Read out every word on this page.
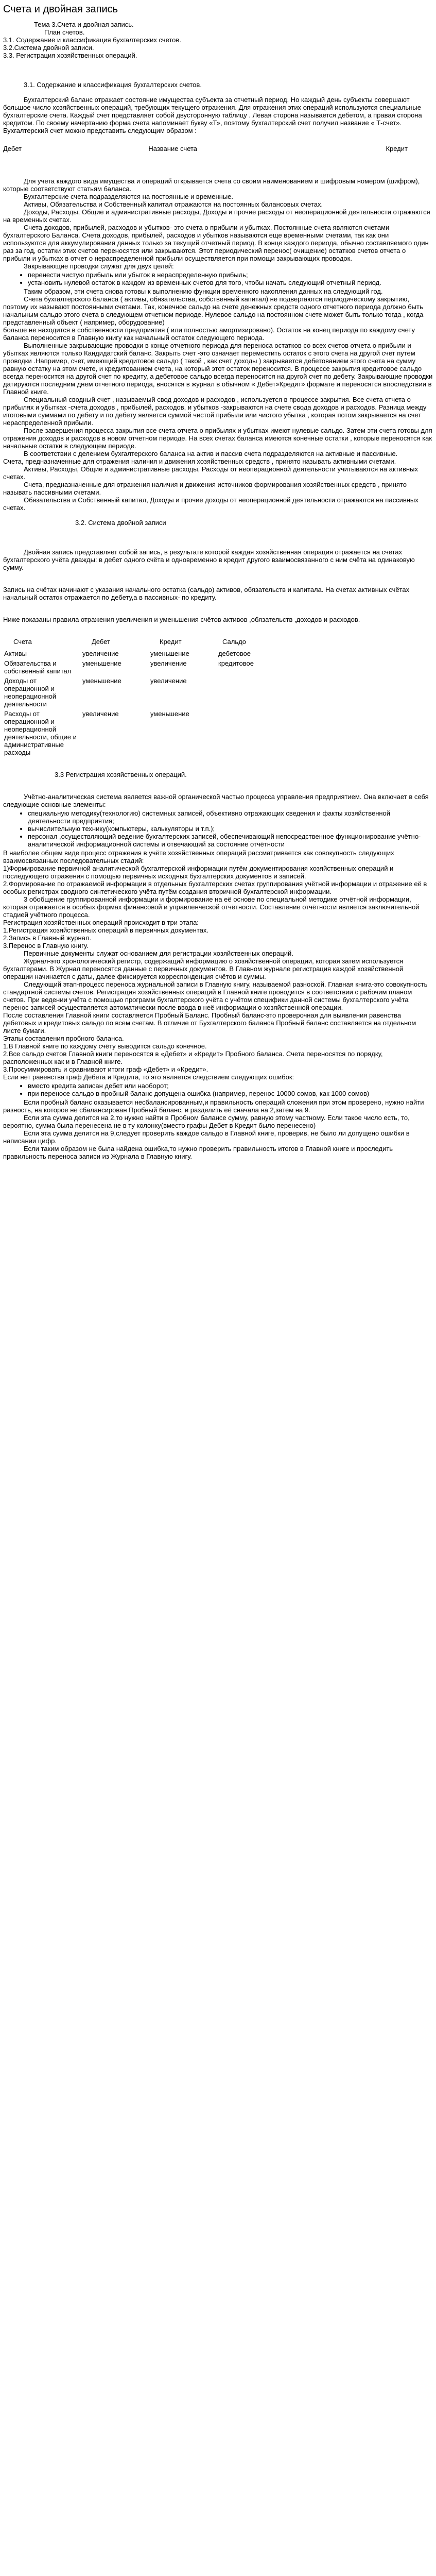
Счета и двойная запись

Тема 3.Счета и двойная запись.

План счетов.

3.1. Содержание и классификация бухгалтерских счетов.

3.2.Система двойной записи.

3.3. Регистрация хозяйственных операций.

3.1. Содержание и классификация бухгалтерских счетов.

Бухгалтерский баланс отражает состояние имущества субъекта за отчетный период. Но каждый день субъекты совершают большое число хозяйственных операций, требующих текущего отражения. Для отражения этих операций используются специальные бухгалтерские счета. Каждый счет представляет собой двусторонную таблицу . Левая сторона называется дебетом, а правая сторона кредитом. По своему начертанию форма счета напоминает букву «Т», поэтому бухгалтерский счет получил название « Т-счет». Бухгалтерский счет можно представить следующим образом :

Дебет	Название счета	Кредит

Для учета каждого вида имущества и операций открывается счета со своим наименованием и шифровым номером (шифром), которые соответствуют статьям баланса.

Бухгалтерские счета подразделяются на постоянные и временные.

Активы, Обязательства и Собственный капитал отражаются на постоянных балансовых счетах.

Доходы, Расходы, Общие и административные расходы, Доходы и прочие расходы от неоперационной деятельности отражаются на временных счетах.

Счета доходов, прибылей, расходов и убытков- это счета о прибыли и убытках. Постоянные счета являются счетами бухгалтерского Баланса. Счета доходов, прибылей, расходов и убытков называются еще временными счетами, так как они используются для аккумулирования данных только за текущий отчетный период. В конце каждого периода, обычно составляемого один раз за год, остатки этих счетов переносятся или закрываются. Этот периодический перенос( очищение) остатков счетов отчета о прибыли и убытках в отчет о нераспределенной прибыли осуществляется при помощи закрывающих проводок.

Закрывающие проводки служат для двух целей:

• перенести чистую прибыль или убыток в нераспределенную прибыль;
• установить нулевой остаток в каждом из временных счетов для того, чтобы начать следующий отчетный период.

Таким образом, эти счета снова готовы к выполнению функции временного накопления данных на следующий год.

Счета бухгалтерского баланса ( активы, обязательства, собственный капитал) не подвергаются периодическому закрытию, поэтому их называют постоянными счетами. Так, конечное сальдо на счете денежных средств одного отчетного периода должно быть начальным сальдо этого счета в следующем отчетном периоде. Нулевое сальдо на постоянном счете может быть только тогда , когда представленный объект ( например, оборудование)

больше не находится в собственности предприятия ( или полностью амортизировано). Остаток на конец периода по каждому счету баланса переносится в Главную книгу как начальный остаток следующего периода.

Выполненные закрывающие проводки в конце отчетного периода для переноса остатков со всех счетов отчета о прибыли и убытках являются только Кандидатский баланс. Закрыть счет -это означает переместить остаток с этого счета на другой счет путем проводки .Например, счет, имеющий кредитовое сальдо ( такой , как счет доходы ) закрывается дебетованием этого счета на сумму равную остатку на этом счете, и кредитованием счета, на который этот остаток переносится. В процессе закрытия кредитовое сальдо всегда переносится на другой счет по кредиту, а дебетовое сальдо всегда переносится на другой счет по дебету. Закрывающие проводки датируются последним днем отчетного периода, вносятся в журнал в обычном « Дебет»Кредит» формате и переносятся впоследствии в Главной книге.

Специальный сводный счет , называемый свод доходов и расходов , используется в процессе закрытия. Все счета отчета о прибылях и убытках -счета доходов , прибылей, расходов, и убытков -закрываются на счете свода доходов и расходов. Разница между итоговыми суммами по дебету и по дебету является суммой чистой прибыли или чистого убытка , которая потом закрывается на счет нераспределенной прибыли.

После завершения процесса закрытия все счета отчета о прибылях и убытках имеют нулевые сальдо. Затем эти счета готовы для отражения доходов и расходов в новом отчетном периоде. На всех счетах баланса имеются конечные остатки , которые переносятся как начальные остатки в следующем периоде.

В соответствии с делением бухгалтерского баланса на актив и пассив счета подразделяются на активные и пассивные.

Счета, предназначенные для отражения наличия и движения хозяйственных средств , принято называть активными счетами.

Активы, Расходы, Общие и административные расходы, Расходы от неоперационной деятельности учитываются на активных счетах.

Счета, предназначенные для отражения наличия и движения источников формирования хозяйственных средств , принято называть пассивными счетами.

Обязательства и Собственный капитал, Доходы и прочие доходы от неоперационной деятельности отражаются на пассивных счетах.

3.2. Система двойной записи

Двойная запись представляет собой запись, в результате которой каждая хозяйственная операция отражается на счетах бухгалтерского учёта дважды: в дебет одного счёта и одновременно в кредит другого взаимосвязанного с ним счёта на одинаковую сумму.

Запись на счётах начинают с указания начального остатка (сальдо) активов, обязательств и капитала. На счетах активных счётах начальный остаток отражается по дебету,а в пассивных- по кредиту.

Ниже показаны правила отражения увеличения и уменьшения счётов активов ,обязательств ,доходов и расходов.

Счета	Дебет	Кредит	Сальдо

Активы	увеличение	уменьшение	дебетовое

Обязательства и собственный капитал	уменьшение	увеличение	кредитовое

Доходы от операционной и неоперационной деятельности	уменьшение	увеличение	

Расходы от операционной и неоперационной деятельности, общие и административные расходы	увеличение	уменьшение	

3.3 Регистрация хозяйственных операций.

Учётно-аналитическая система является важной органической частью процесса управления предприятием. Она включает в себя следующие основные элементы:

• специальную методику(технологию) системных записей, объективно отражающих сведения и факты хозяйственной деятельности предприятия;
• вычислительную технику(компьютеры, калькуляторы и т.п.);
• персонал ,осуществляющий ведение бухгалтерских записей, обеспечивающий непосредственное функционирование учётно-аналитической информационной системы и отвечающий за состояние отчётности

В наиболее общем виде процесс отражения в учёте хозяйственных операций рассматривается как совокупность следующих взаимосвязанных последовательных стадий:

1)Формирование первичной аналитической бухгалтерской информации путём документирования хозяйственных операций и последующего отражения с помощью первичных исходных бухгалтерских документов и записей.

2.Формирование по отражаемой информации в отдельных бухгалтерских счетах группирования учётной информации и отражение её в особых регистрах сводного синтетического учёта путём создания вторичной бухгалтерской информации.

3 обобщение группированной информации и формирование на её основе по специальной методике отчётной информации, которая отражается в особых формах финансовой и управленческой отчётности. Составление отчётности является заключительной стадией учётного процесса.

Регистрация хозяйственных операций происходит в три этапа:

1.Регистрация хозяйственных операций в первичных документах.

2.Запись в Главный журнал.

3.Перенос в Главную книгу.

Первичные документы служат основанием для регистрации хозяйственных операций.

Журнал-это хронологический регистр, содержащий информацию о хозяйственной операции, которая затем используется бухгалтерами. В Журнал переносятся данные с первичных документов. В Главном журнале регистрация каждой хозяйственной операции начинается с даты, далее фиксируется корреспонденция счётов и суммы.

Следующий этап-процесс переноса журнальной записи в Главную книгу, называемой разноской. Главная книга-это совокупность стандартной системы счетов. Регистрация хозяйственных операций в Главной книге проводится в соответствии с рабочим планом счетов. При ведении учёта с помощью программ бухгалтерского учёта с учётом специфики данной системы бухгалтерского учёта перенос записей осуществляется автоматически после ввода в неё информации о хозяйственной операции.

После составления Главной книги составляется Пробный Баланс. Пробный баланс-это проверочная для выявления равенства дебетовых и кредитовых сальдо по всем счетам. В отличие от Бухгалтерского баланса Пробный баланс составляется на отдельном листе бумаги.

Этапы составления пробного баланса.

1.В Главной книге по каждому счёту выводится сальдо конечное.

2.Все сальдо счетов Главной книги переносятся в «Дебет» и «Кредит» Пробного баланса. Счета переносятся по порядку, расположенных как и в Главной книге.

3.Просуммировать и сравнивают итоги граф «Дебет» и «Кредит».

Если нет равенства граф Дебета и Кредита, то это является следствием следующих ошибок:

• вместо кредита записан дебет или наоборот;
• при переносе сальдо в пробный баланс допущена ошибка (например, перенос 10000 сомов, как 1000 сомов)

Если пробный баланс оказывается несбалансированным,и правильность операций сложения при этом проверено, нужно найти разность, на которое не сбалансирован Пробный баланс, и разделить её сначала на 2,затем на 9.

Если эта сумма делится на 2,то нужно найти в Пробном балансе сумму, равную этому частному. Если такое число есть, то, вероятно, сумма была перенесена не в ту колонку(вместо графы Дебет в Кредит было перенесено)

Если эта сумма делится на 9,следует проверить каждое сальдо в Главной книге, проверив, не было ли допущено ошибки в написании цифр.

Если таким образом не была найдена ошибка,то нужно проверить правильность итогов в Главной книге и проследить правильность переноса записи из Журнала в Главную книгу.
